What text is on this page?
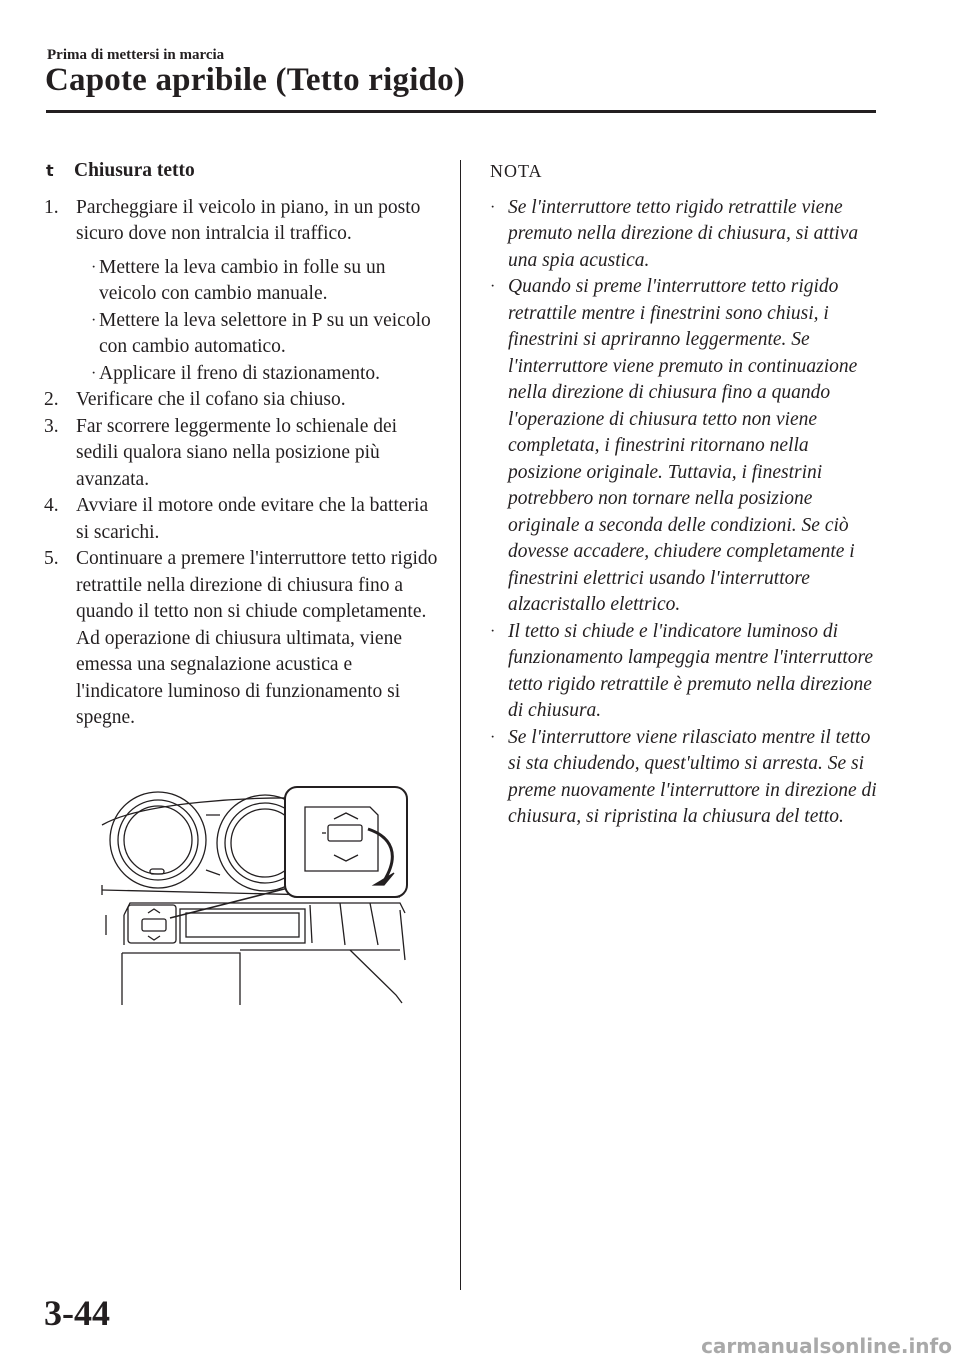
Prima di mettersi in marcia
Capote apribile (Tetto rigido)
t	Chiusura tetto
1. Parcheggiare il veicolo in piano, in un posto sicuro dove non intralcia il traffico.
· Mettere la leva cambio in folle su un veicolo con cambio manuale.
· Mettere la leva selettore in P su un veicolo con cambio automatico.
· Applicare il freno di stazionamento.
2. Verificare che il cofano sia chiuso.
3. Far scorrere leggermente lo schienale dei sedili qualora siano nella posizione più avanzata.
4. Avviare il motore onde evitare che la batteria si scarichi.
5. Continuare a premere l'interruttore tetto rigido retrattile nella direzione di chiusura fino a quando il tetto non si chiude completamente. Ad operazione di chiusura ultimata, viene emessa una segnalazione acustica e l'indicatore luminoso di funzionamento si spegne.
NOTA
· Se l'interruttore tetto rigido retrattile viene premuto nella direzione di chiusura, si attiva una spia acustica.
· Quando si preme l'interruttore tetto rigido retrattile mentre i finestrini sono chiusi, i finestrini si apriranno leggermente. Se l'interruttore viene premuto in continuazione nella direzione di chiusura fino a quando l'operazione di chiusura tetto non viene completata, i finestrini ritornano nella posizione originale. Tuttavia, i finestrini potrebbero non tornare nella posizione originale a seconda delle condizioni. Se ciò dovesse accadere, chiudere completamente i finestrini elettrici usando l'interruttore alzacristallo elettrico.
· Il tetto si chiude e l'indicatore luminoso di funzionamento lampeggia mentre l'interruttore tetto rigido retrattile è premuto nella direzione di chiusura.
· Se l'interruttore viene rilasciato mentre il tetto si sta chiudendo, quest'ultimo si arresta. Se si preme nuovamente l'interruttore in direzione di chiusura, si ripristina la chiusura del tetto.
3-44
carmanualsonline.info
